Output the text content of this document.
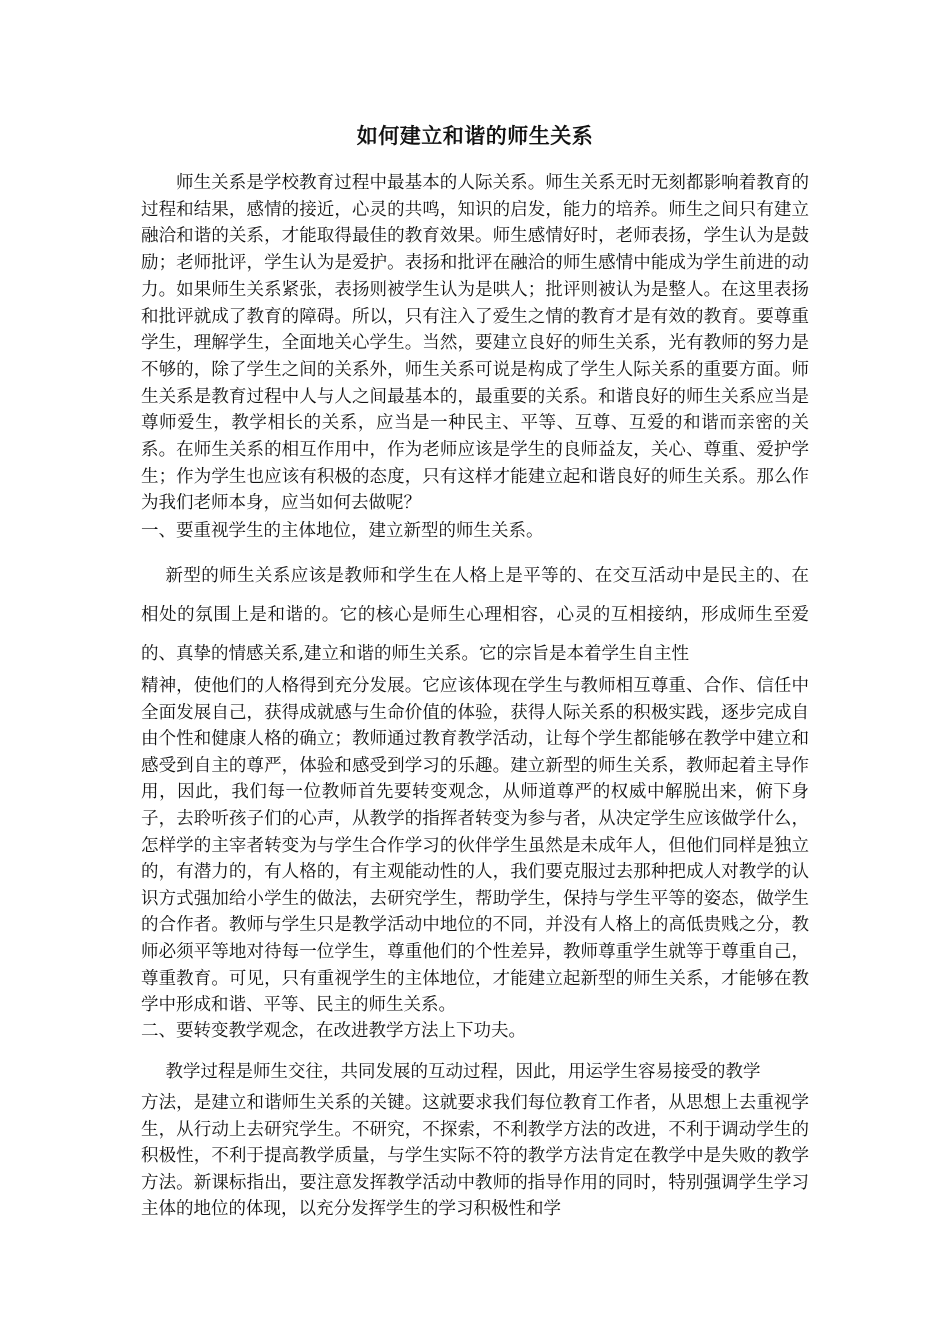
如何建立和谐的师生关系

师生关系是学校教育过程中最基本的人际关系。师生关系无时无刻都影响着教育的过程和结果，感情的接近，心灵的共鸣，知识的启发，能力的培养。师生之间只有建立融洽和谐的关系，才能取得最佳的教育效果。师生感情好时，老师表扬，学生认为是鼓励；老师批评，学生认为是爱护。表扬和批评在融洽的师生感情中能成为学生前进的动力。如果师生关系紧张，表扬则被学生认为是哄人；批评则被认为是整人。在这里表扬和批评就成了教育的障碍。所以，只有注入了爱生之情的教育才是有效的教育。要尊重学生，理解学生，全面地关心学生。当然，要建立良好的师生关系，光有教师的努力是不够的，除了学生之间的关系外，师生关系可说是构成了学生人际关系的重要方面。师生关系是教育过程中人与人之间最基本的，最重要的关系。和谐良好的师生关系应当是尊师爱生，教学相长的关系，应当是一种民主、平等、互尊、互爱的和谐而亲密的关系。在师生关系的相互作用中，作为老师应该是学生的良师益友，关心、尊重、爱护学生；作为学生也应该有积极的态度，只有这样才能建立起和谐良好的师生关系。那么作为我们老师本身，应当如何去做呢？

一、要重视学生的主体地位，建立新型的师生关系。

新型的师生关系应该是教师和学生在人格上是平等的、在交互活动中是民主的、在相处的氛围上是和谐的。它的核心是师生心理相容，心灵的互相接纳，形成师生至爱的、真挚的情感关系,建立和谐的师生关系。它的宗旨是本着学生自主性

精神，使他们的人格得到充分发展。它应该体现在学生与教师相互尊重、合作、信任中全面发展自己，获得成就感与生命价值的体验，获得人际关系的积极实践，逐步完成自由个性和健康人格的确立；教师通过教育教学活动，让每个学生都能够在教学中建立和感受到自主的尊严，体验和感受到学习的乐趣。建立新型的师生关系，教师起着主导作用，因此，我们每一位教师首先要转变观念，从师道尊严的权威中解脱出来，俯下身子，去聆听孩子们的心声，从教学的指挥者转变为参与者，从决定学生应该做学什么，怎样学的主宰者转变为与学生合作学习的伙伴学生虽然是未成年人，但他们同样是独立的，有潜力的，有人格的，有主观能动性的人，我们要克服过去那种把成人对教学的认识方式强加给小学生的做法，去研究学生，帮助学生，保持与学生平等的姿态，做学生的合作者。教师与学生只是教学活动中地位的不同，并没有人格上的高低贵贱之分，教师必须平等地对待每一位学生，尊重他们的个性差异，教师尊重学生就等于尊重自己，尊重教育。可见，只有重视学生的主体地位，才能建立起新型的师生关系，才能够在教学中形成和谐、平等、民主的师生关系。

二、要转变教学观念，在改进教学方法上下功夫。

教学过程是师生交往，共同发展的互动过程，因此，用运学生容易接受的教学

方法，是建立和谐师生关系的关键。这就要求我们每位教育工作者，从思想上去重视学生，从行动上去研究学生。不研究，不探索，不利教学方法的改进，不利于调动学生的积极性，不利于提高教学质量，与学生实际不符的教学方法肯定在教学中是失败的教学方法。新课标指出，要注意发挥教学活动中教师的指导作用的同时，特别强调学生学习主体的地位的体现，以充分发挥学生的学习积极性和学
